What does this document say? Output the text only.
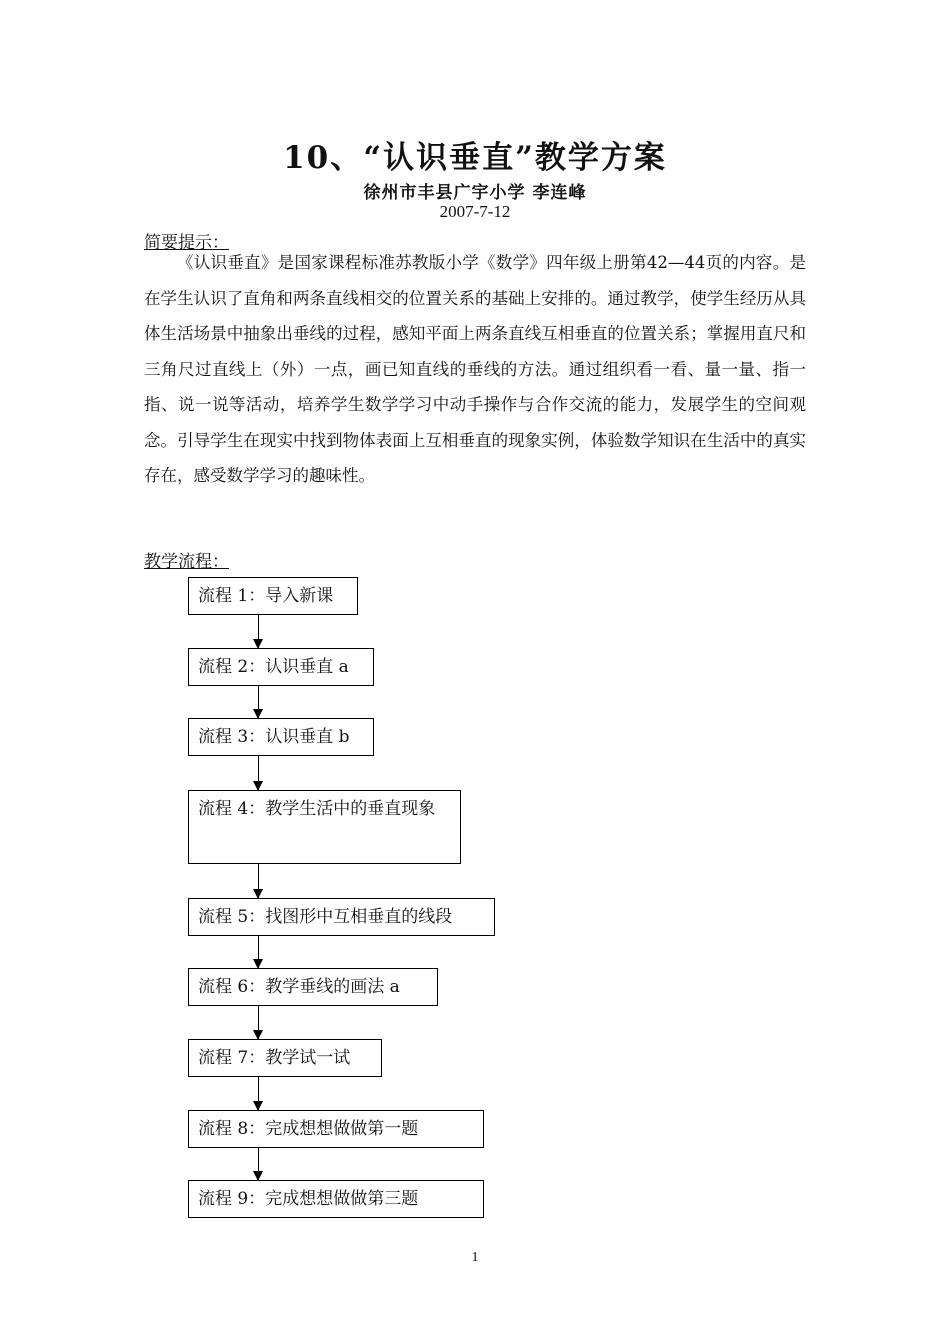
10、“认识垂直”教学方案
徐州市丰县广宇小学 李连峰
2007-7-12
简要提示：
《认识垂直》是国家课程标准苏教版小学《数学》四年级上册第42—44页的内容。是在学生认识了直角和两条直线相交的位置关系的基础上安排的。通过教学，使学生经历从具体生活场景中抽象出垂线的过程，感知平面上两条直线互相垂直的位置关系；掌握用直尺和三角尺过直线上（外）一点，画已知直线的垂线的方法。通过组织看一看、量一量、指一指、说一说等活动，培养学生数学学习中动手操作与合作交流的能力，发展学生的空间观念。引导学生在现实中找到物体表面上互相垂直的现象实例，体验数学知识在生活中的真实存在，感受数学学习的趣味性。
教学流程：
流程 1：导入新课
流程 2：认识垂直 a
流程 3：认识垂直 b
流程 4：教学生活中的垂直现象
流程 5：找图形中互相垂直的线段
流程 6：教学垂线的画法 a
流程 7：教学试一试
流程 8：完成想想做做第一题
流程 9：完成想想做做第三题
1
